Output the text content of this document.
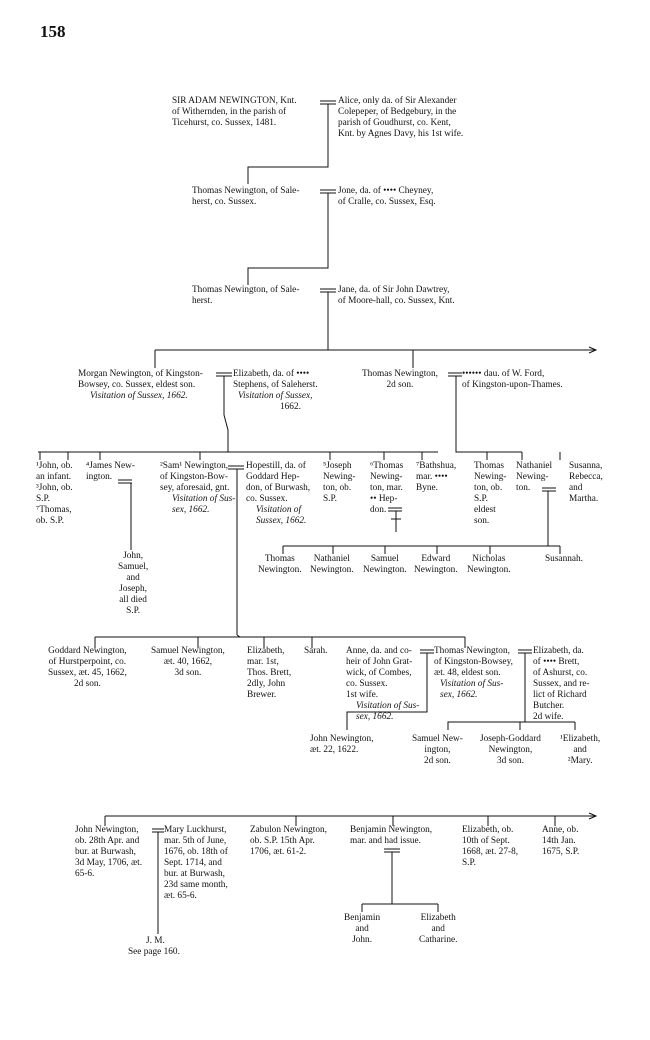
158
SIR ADAM NEWINGTON, Knt.
of Withernden, in the parish of
Ticehurst, co. Sussex, 1481.
Alice, only da. of Sir Alexander
Colepeper, of Bedgebury, in the
parish of Goudhurst, co. Kent,
Knt. by Agnes Davy, his 1st wife.
Thomas Newington, of Sale-
herst, co. Sussex.
Jone, da. of •••• Cheyney,
of Cralle, co. Sussex, Esq.
Thomas Newington, of Sale-
herst.
Jane, da. of Sir John Dawtrey,
of Moore-hall, co. Sussex, Knt.
Morgan Newington, of Kingston-
Bowsey, co. Sussex, eldest son.
Visitation of Sussex, 1662.
Elizabeth, da. of ••••
Stephens, of Saleherst.
Visitation of Sussex,
1662.
Thomas Newington,
2d son.
•••••• dau. of W. Ford,
of Kingston-upon-Thames.
¹John, ob.
an infant.
³John, ob.
S.P.
⁷Thomas,
ob. S.P.
⁴James New-
ington.
John,
Samuel,
and
Joseph,
all died
S.P.
²Sam¹ Newington,
of Kingston-Bow-
sey, aforesaid, gnt.
Visitation of Sus-
sex, 1662.
Hopestill, da. of
Goddard Hep-
don, of Burwash,
co. Sussex.
Visitation of
Sussex, 1662.
⁵Joseph
Newing-
ton, ob.
S.P.
⁶Thomas
Newing-
ton, mar.
•• Hep-
don.
⁷Bathshua,
mar. ••••
Byne.
Thomas
Newing-
ton, ob.
S.P.
eldest
son.
Nathaniel
Newing-
ton.
Susanna,
Rebecca,
and
Martha.
Thomas
Newington.
Nathaniel
Newington.
Samuel
Newington.
Edward
Newington.
Nicholas
Newington.
Susannah.
Goddard Newington,
of Hurstperpoint, co.
Sussex, æt. 45, 1662,
2d son.
Samuel Newington,
æt. 40, 1662,
3d son.
Elizabeth,
mar. 1st,
Thos. Brett,
2dly, John
Brewer.
Sarah. Anne, da. and co-
heir of John Grat-
wick, of Combes,
co. Sussex.
1st wife.
Visitation of Sus-
sex, 1662.
Thomas Newington,
of Kingston-Bowsey,
æt. 48, eldest son.
Visitation of Sus-
sex, 1662.
Elizabeth, da.
of •••• Brett,
of Ashurst, co.
Sussex, and re-
lict of Richard
Butcher.
2d wife.
John Newington,
æt. 22, 1622.
Samuel New-
ington,
2d son.
Joseph-Goddard
Newington,
3d son.
¹Elizabeth,
and
²Mary.
John Newington,
ob. 28th Apr. and
bur. at Burwash,
3d May, 1706, æt.
65-6.
Mary Luckhurst,
mar. 5th of June,
1676, ob. 18th of
Sept. 1714, and
bur. at Burwash,
23d same month,
æt. 65-6.
Zabulon Newington,
ob. S.P. 15th Apr.
1706, æt. 61-2.
Benjamin Newington,
mar. and had issue.
Elizabeth, ob.
10th of Sept.
1668, æt. 27-8,
S.P.
Anne, ob.
14th Jan.
1675, S.P.
Benjamin
and
John.
Elizabeth
and
Catharine.
J. M.
See page 160.
